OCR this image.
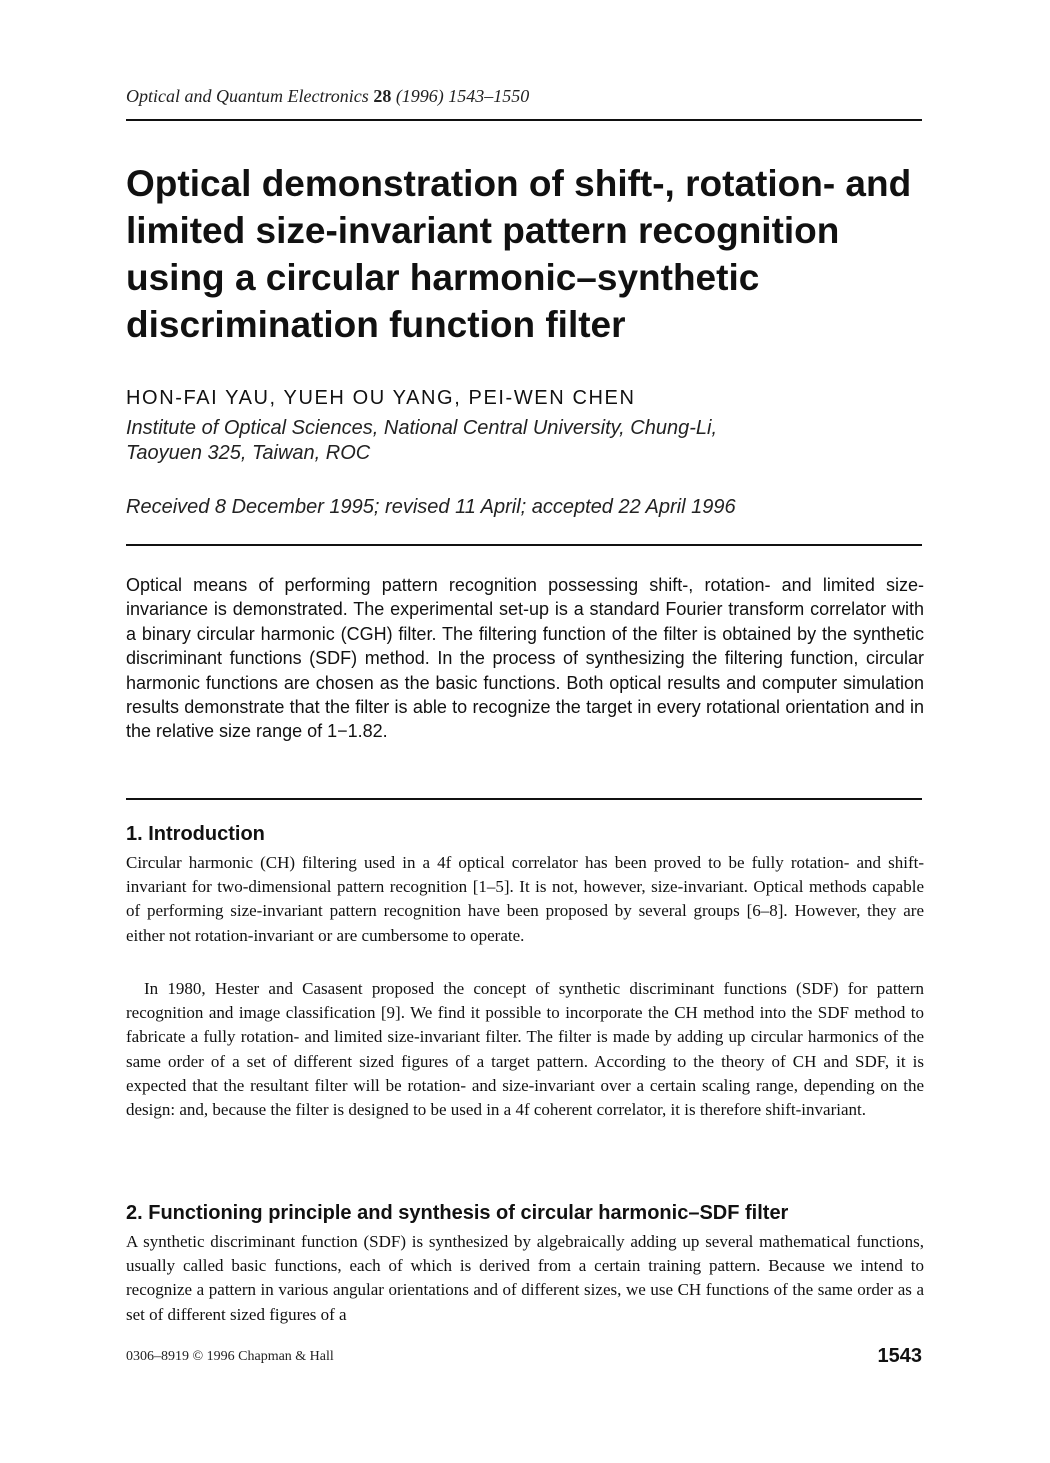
Optical and Quantum Electronics 28 (1996) 1543–1550
Optical demonstration of shift-, rotation- and limited size-invariant pattern recognition using a circular harmonic–synthetic discrimination function filter
HON-FAI YAU, YUEH OU YANG, PEI-WEN CHEN
Institute of Optical Sciences, National Central University, Chung-Li,
Taoyuen 325, Taiwan, ROC
Received 8 December 1995; revised 11 April; accepted 22 April 1996

Optical means of performing pattern recognition possessing shift-, rotation- and limited size-invariance is demonstrated. The experimental set-up is a standard Fourier transform correlator with a binary circular harmonic (CGH) filter. The filtering function of the filter is obtained by the synthetic discriminant functions (SDF) method. In the process of synthesizing the filtering function, circular harmonic functions are chosen as the basic functions. Both optical results and computer simulation results demonstrate that the filter is able to recognize the target in every rotational orientation and in the relative size range of 1−1.82.

1. Introduction

Circular harmonic (CH) filtering used in a 4f optical correlator has been proved to be fully rotation- and shift-invariant for two-dimensional pattern recognition [1–5]. It is not, however, size-invariant. Optical methods capable of performing size-invariant pattern recognition have been proposed by several groups [6–8]. However, they are either not rotation-invariant or are cumbersome to operate.

In 1980, Hester and Casasent proposed the concept of synthetic discriminant functions (SDF) for pattern recognition and image classification [9]. We find it possible to incorporate the CH method into the SDF method to fabricate a fully rotation- and limited size-invariant filter. The filter is made by adding up circular harmonics of the same order of a set of different sized figures of a target pattern. According to the theory of CH and SDF, it is expected that the resultant filter will be rotation- and size-invariant over a certain scaling range, depending on the design: and, because the filter is designed to be used in a 4f coherent correlator, it is therefore shift-invariant.

2. Functioning principle and synthesis of circular harmonic–SDF filter

A synthetic discriminant function (SDF) is synthesized by algebraically adding up several mathematical functions, usually called basic functions, each of which is derived from a certain training pattern. Because we intend to recognize a pattern in various angular orientations and of different sizes, we use CH functions of the same order as a set of different sized figures of a

0306–8919 © 1996 Chapman & Hall	1543
